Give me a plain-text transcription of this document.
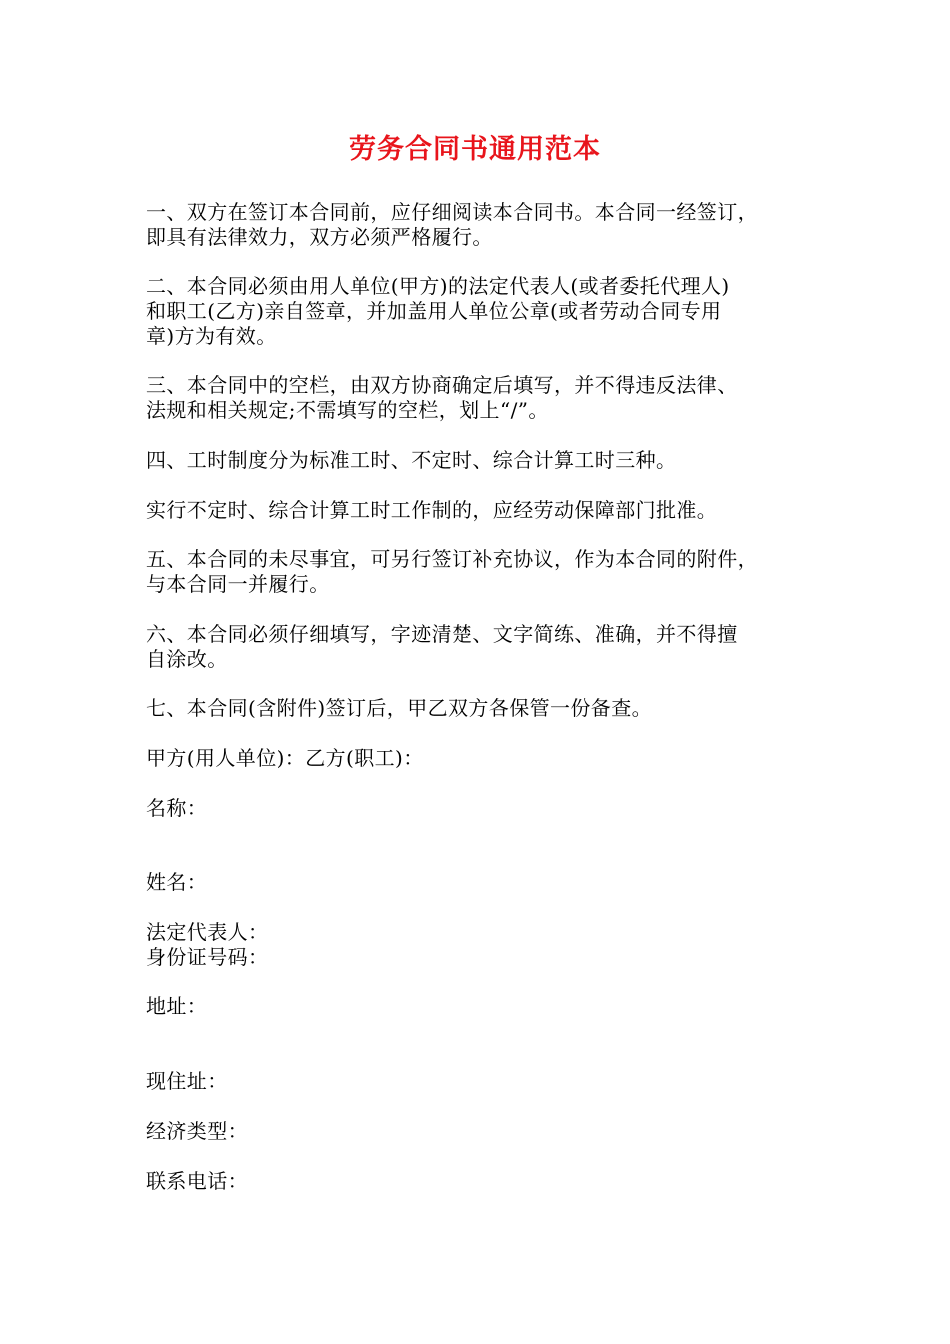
劳务合同书通用范本
一、双方在签订本合同前，应仔细阅读本合同书。本合同一经签订，
即具有法律效力，双方必须严格履行。
二、本合同必须由用人单位(甲方)的法定代表人(或者委托代理人)
和职工(乙方)亲自签章，并加盖用人单位公章(或者劳动合同专用
章)方为有效。
三、本合同中的空栏，由双方协商确定后填写，并不得违反法律、
法规和相关规定;不需填写的空栏，划上“/”。
四、工时制度分为标准工时、不定时、综合计算工时三种。
实行不定时、综合计算工时工作制的，应经劳动保障部门批准。
五、本合同的未尽事宜，可另行签订补充协议，作为本合同的附件，
与本合同一并履行。
六、本合同必须仔细填写，字迹清楚、文字简练、准确，并不得擅
自涂改。
七、本合同(含附件)签订后，甲乙双方各保管一份备查。
甲方(用人单位)：乙方(职工)：
名称：
姓名：
法定代表人：
身份证号码：
地址：
现住址：
经济类型：
联系电话：
